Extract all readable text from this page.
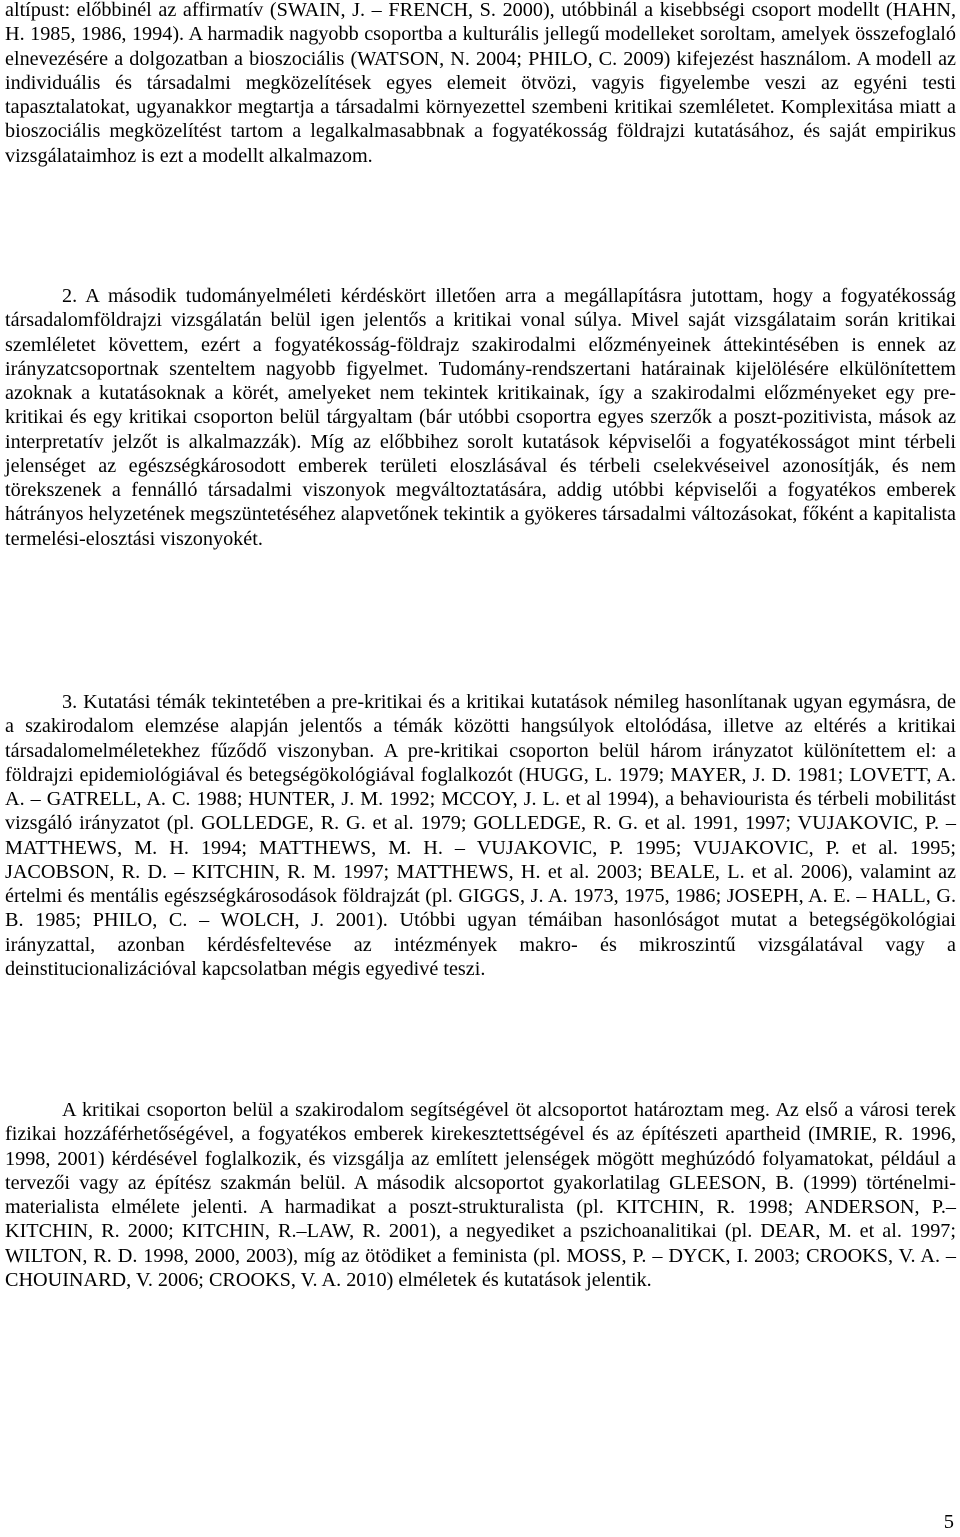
altípust: előbbinél az affirmatív (SWAIN, J. – FRENCH, S. 2000), utóbbinál a kisebbségi csoport modellt (HAHN, H. 1985, 1986, 1994). A harmadik nagyobb csoportba a kulturális jellegű modelleket soroltam, amelyek összefoglaló elnevezésére a dolgozatban a bioszociális (WATSON, N. 2004; PHILO, C. 2009) kifejezést használom. A modell az individuális és társadalmi megközelítések egyes elemeit ötvözi, vagyis figyelembe veszi az egyéni testi tapasztalatokat, ugyanakkor megtartja a társadalmi környezettel szembeni kritikai szemléletet. Komplexitása miatt a bioszociális megközelítést tartom a legalkalmasabbnak a fogyatékosság földrajzi kutatásához, és saját empirikus vizsgálataimhoz is ezt a modellt alkalmazom.

2. A második tudományelméleti kérdéskört illetően arra a megállapításra jutottam, hogy a fogyatékosság társadalomföldrajzi vizsgálatán belül igen jelentős a kritikai vonal súlya. Mivel saját vizsgálataim során kritikai szemléletet követtem, ezért a fogyatékosság-földrajz szakirodalmi előzményeinek áttekintésében is ennek az irányzatcsoportnak szenteltem nagyobb figyelmet. Tudomány-rendszertani határainak kijelölésére elkülönítettem azoknak a kutatásoknak a körét, amelyeket nem tekintek kritikainak, így a szakirodalmi előzményeket egy pre-kritikai és egy kritikai csoporton belül tárgyaltam (bár utóbbi csoportra egyes szerzők a poszt-pozitivista, mások az interpretatív jelzőt is alkalmazzák). Míg az előbbihez sorolt kutatások képviselői a fogyatékosságot mint térbeli jelenséget az egészségkárosodott emberek területi eloszlásával és térbeli cselekvéseivel azonosítják, és nem törekszenek a fennálló társadalmi viszonyok megváltoztatására, addig utóbbi képviselői a fogyatékos emberek hátrányos helyzetének megszüntetéséhez alapvetőnek tekintik a gyökeres társadalmi változásokat, főként a kapitalista termelési-elosztási viszonyokét.

3. Kutatási témák tekintetében a pre-kritikai és a kritikai kutatások némileg hasonlítanak ugyan egymásra, de a szakirodalom elemzése alapján jelentős a témák közötti hangsúlyok eltolódása, illetve az eltérés a kritikai társadalomelméletekhez fűződő viszonyban. A pre-kritikai csoporton belül három irányzatot különítettem el: a földrajzi epidemiológiával és betegségökológiával foglalkozót (HUGG, L. 1979; MAYER, J. D. 1981; LOVETT, A. A. – GATRELL, A. C. 1988; HUNTER, J. M. 1992; MCCOY, J. L. et al 1994), a behaviourista és térbeli mobilitást vizsgáló irányzatot (pl. GOLLEDGE, R. G. et al. 1979; GOLLEDGE, R. G. et al. 1991, 1997; VUJAKOVIC, P. – MATTHEWS, M. H. 1994; MATTHEWS, M. H. – VUJAKOVIC, P. 1995; VUJAKOVIC, P. et al. 1995; JACOBSON, R. D. – KITCHIN, R. M. 1997; MATTHEWS, H. et al. 2003; BEALE, L. et al. 2006), valamint az értelmi és mentális egészségkárosodások földrajzát (pl. GIGGS, J. A. 1973, 1975, 1986; JOSEPH, A. E. – HALL, G. B. 1985; PHILO, C. – WOLCH, J. 2001). Utóbbi ugyan témáiban hasonlóságot mutat a betegségökológiai irányzattal, azonban kérdésfeltevése az intézmények makro- és mikroszintű vizsgálatával vagy a deinstitucionalizációval kapcsolatban mégis egyedivé teszi.

A kritikai csoporton belül a szakirodalom segítségével öt alcsoportot határoztam meg. Az első a városi terek fizikai hozzáférhetőségével, a fogyatékos emberek kirekesztettségével és az építészeti apartheid (IMRIE, R. 1996, 1998, 2001) kérdésével foglalkozik, és vizsgálja az említett jelenségek mögött meghúzódó folyamatokat, például a tervezői vagy az építész szakmán belül. A második alcsoportot gyakorlatilag GLEESON, B. (1999) történelmi-materialista elmélete jelenti. A harmadikat a poszt-strukturalista (pl. KITCHIN, R. 1998; ANDERSON, P.–KITCHIN, R. 2000; KITCHIN, R.–LAW, R. 2001), a negyediket a pszichoanalitikai (pl. DEAR, M. et al. 1997; WILTON, R. D. 1998, 2000, 2003), míg az ötödiket a feminista (pl. MOSS, P. – DYCK, I. 2003; CROOKS, V. A. – CHOUINARD, V. 2006; CROOKS, V. A. 2010) elméletek és kutatások jelentik.

5
